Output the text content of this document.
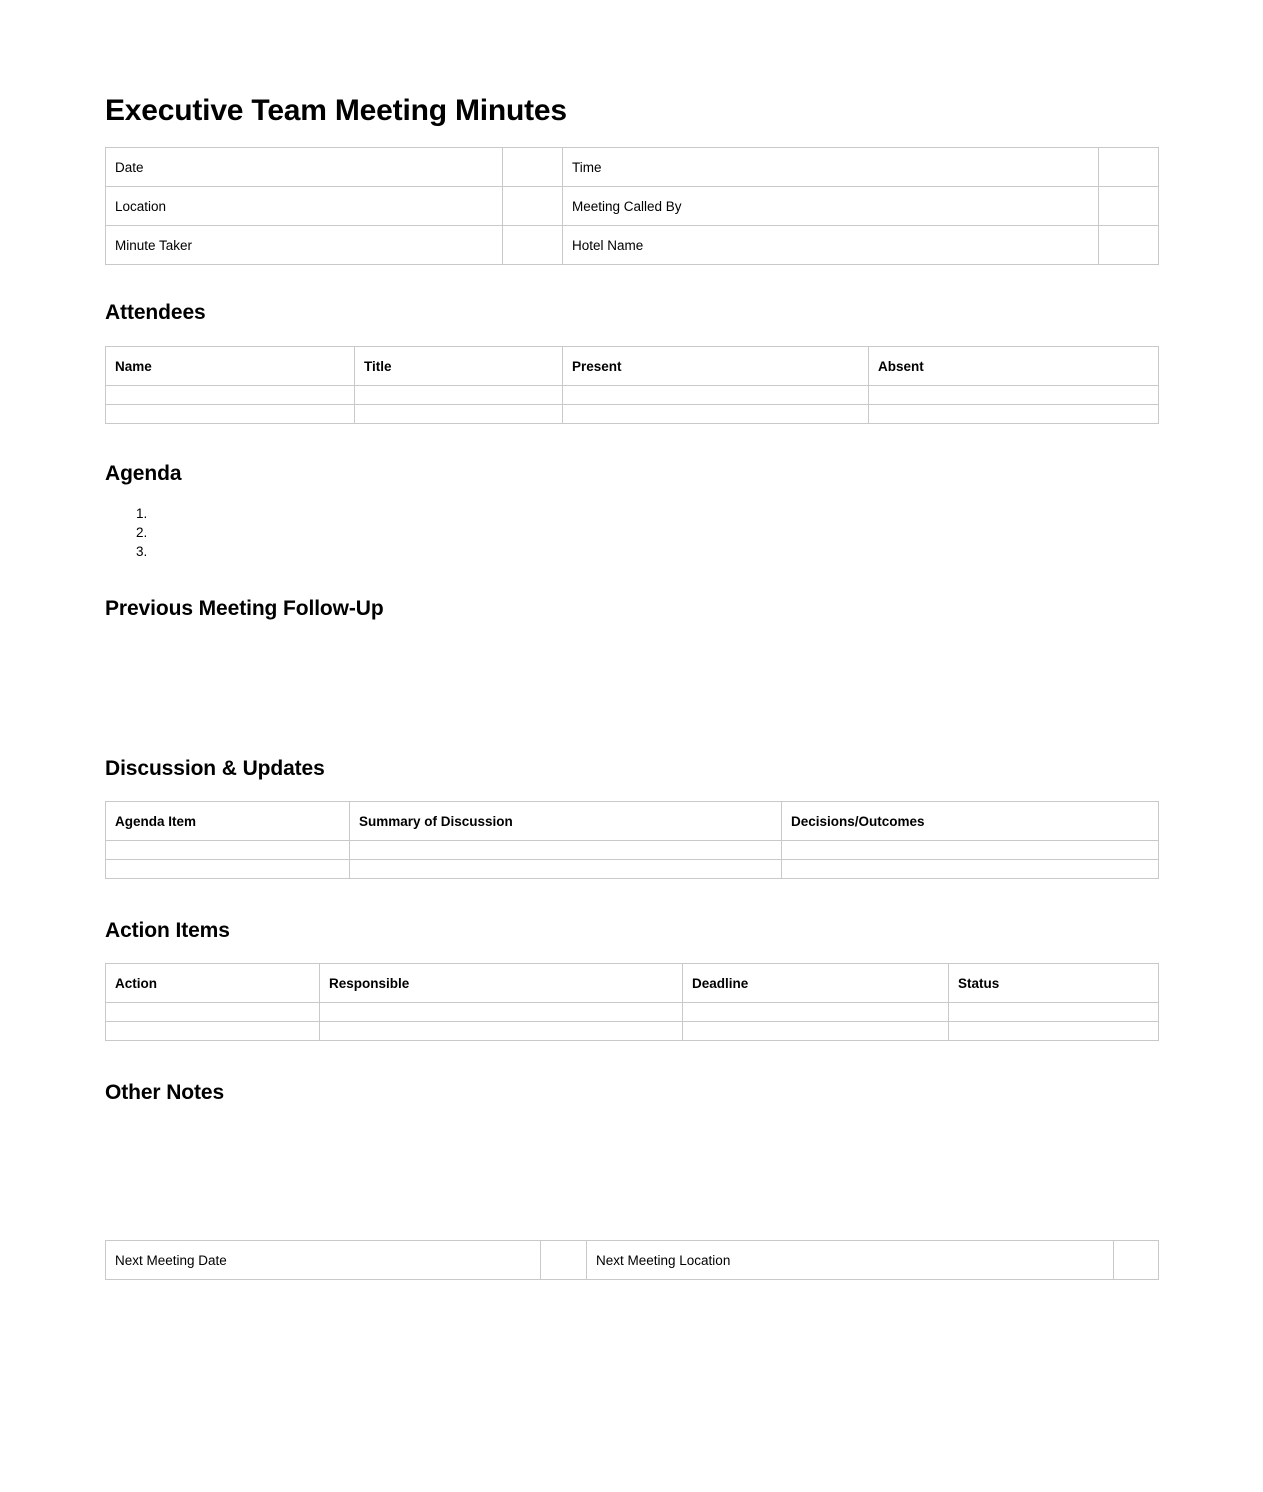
Executive Team Meeting Minutes
Date		Time	
Location		Meeting Called By	
Minute Taker		Hotel Name	
Attendees
Name	Title	Present	Absent

Agenda
Previous Meeting Follow-Up
Discussion & Updates
Agenda Item	Summary of Discussion	Decisions/Outcomes

Action Items
Action	Responsible	Deadline	Status

Other Notes
Next Meeting Date		Next Meeting Location	
